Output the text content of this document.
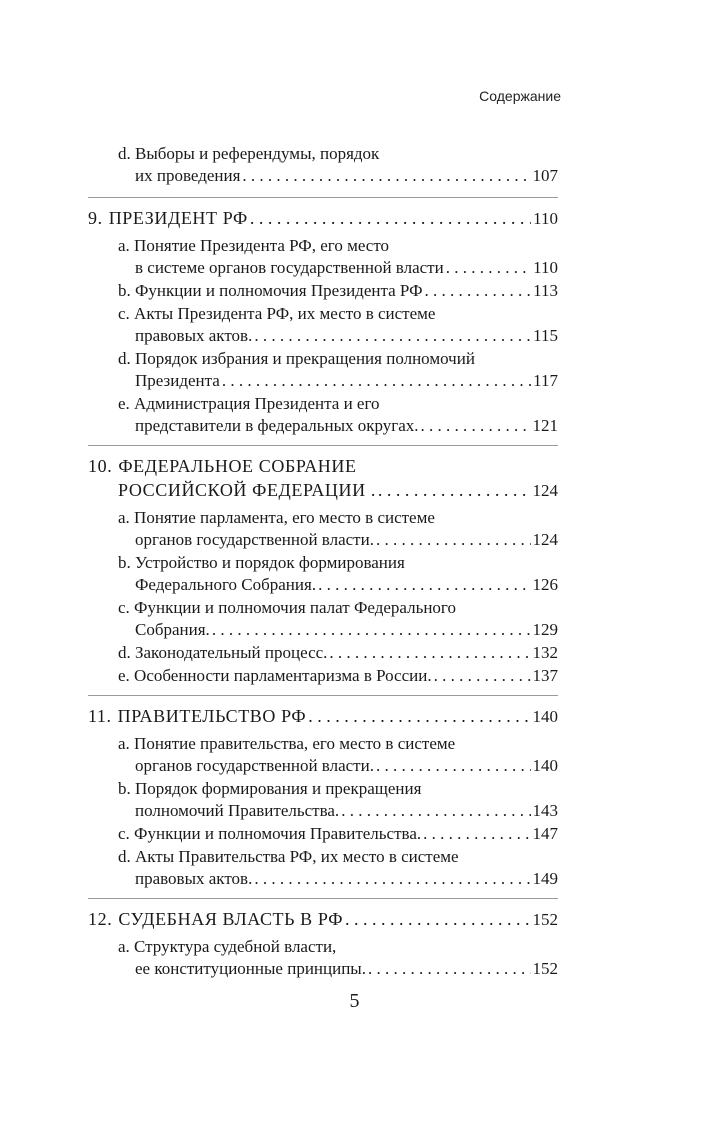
Содержание
d. Выборы и референдумы, порядок
их проведения . . .	107
9. ПРЕЗИДЕНТ РФ . . .	110
a. Понятие Президента РФ, его место
в системе органов государственной власти . . .	110
b. Функции и полномочия Президента РФ . . .	113
c. Акты Президента РФ, их место в системе
правовых актов. . . .	115
d. Порядок избрания и прекращения полномочий
Президента . . .	117
e. Администрация Президента и его
представители в федеральных округах. . . .	121
10. ФЕДЕРАЛЬНОЕ СОБРАНИЕ
РОССИЙСКОЙ ФЕДЕРАЦИИ . . . .	124
a. Понятие парламента, его место в системе
органов государственной власти. . . .	124
b. Устройство и порядок формирования
Федерального Собрания. . . .	126
c. Функции и полномочия палат Федерального
Собрания. . . .	129
d. Законодательный процесс. . . .	132
e. Особенности парламентаризма в России. . . .	137
11. ПРАВИТЕЛЬСТВО РФ . . .	140
a. Понятие правительства, его место в системе
органов государственной власти. . . .	140
b. Порядок формирования и прекращения
полномочий Правительства. . . .	143
c. Функции и полномочия Правительства. . . .	147
d. Акты Правительства РФ, их место в системе
правовых актов. . . .	149
12. СУДЕБНАЯ ВЛАСТЬ В РФ . . .	152
a. Структура судебной власти,
ее конституционные принципы. . . .	152
5
